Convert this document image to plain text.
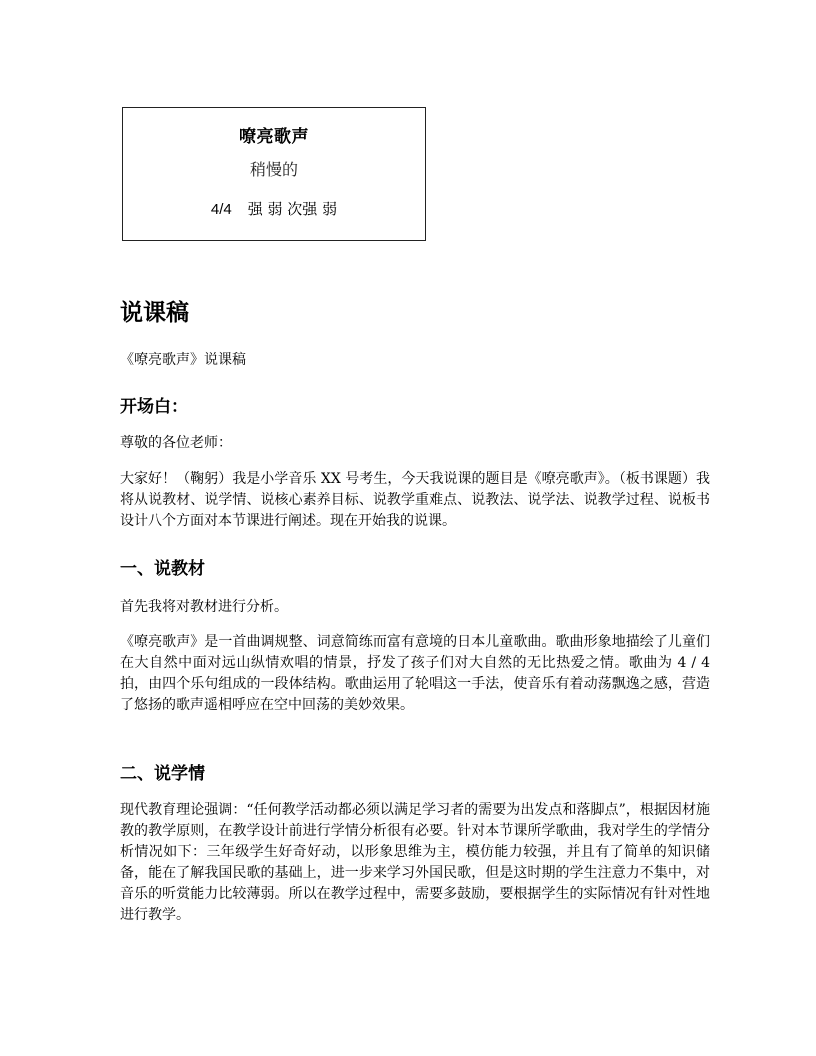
嘹亮歌声
稍慢的
4/4 强 弱 次强 弱
说课稿

《嘹亮歌声》说课稿

开场白：

尊敬的各位老师：

大家好！（鞠躬）我是小学音乐 XX 号考生，今天我说课的题目是《嘹亮歌声》。（板书课题）我将从说教材、说学情、说核心素养目标、说教学重难点、说教法、说学法、说教学过程、说板书设计八个方面对本节课进行阐述。现在开始我的说课。

一、说教材

首先我将对教材进行分析。

《嘹亮歌声》是一首曲调规整、词意简练而富有意境的日本儿童歌曲。歌曲形象地描绘了儿童们在大自然中面对远山纵情欢唱的情景，抒发了孩子们对大自然的无比热爱之情。歌曲为 4 / 4 拍，由四个乐句组成的一段体结构。歌曲运用了轮唱这一手法，使音乐有着动荡飘逸之感，营造了悠扬的歌声遥相呼应在空中回荡的美妙效果。

二、说学情

现代教育理论强调：“任何教学活动都必须以满足学习者的需要为出发点和落脚点”，根据因材施教的教学原则，在教学设计前进行学情分析很有必要。针对本节课所学歌曲，我对学生的学情分析情况如下：三年级学生好奇好动，以形象思维为主，模仿能力较强，并且有了简单的知识储备，能在了解我国民歌的基础上，进一步来学习外国民歌，但是这时期的学生注意力不集中，对音乐的听赏能力比较薄弱。所以在教学过程中，需要多鼓励，要根据学生的实际情况有针对性地进行教学。
